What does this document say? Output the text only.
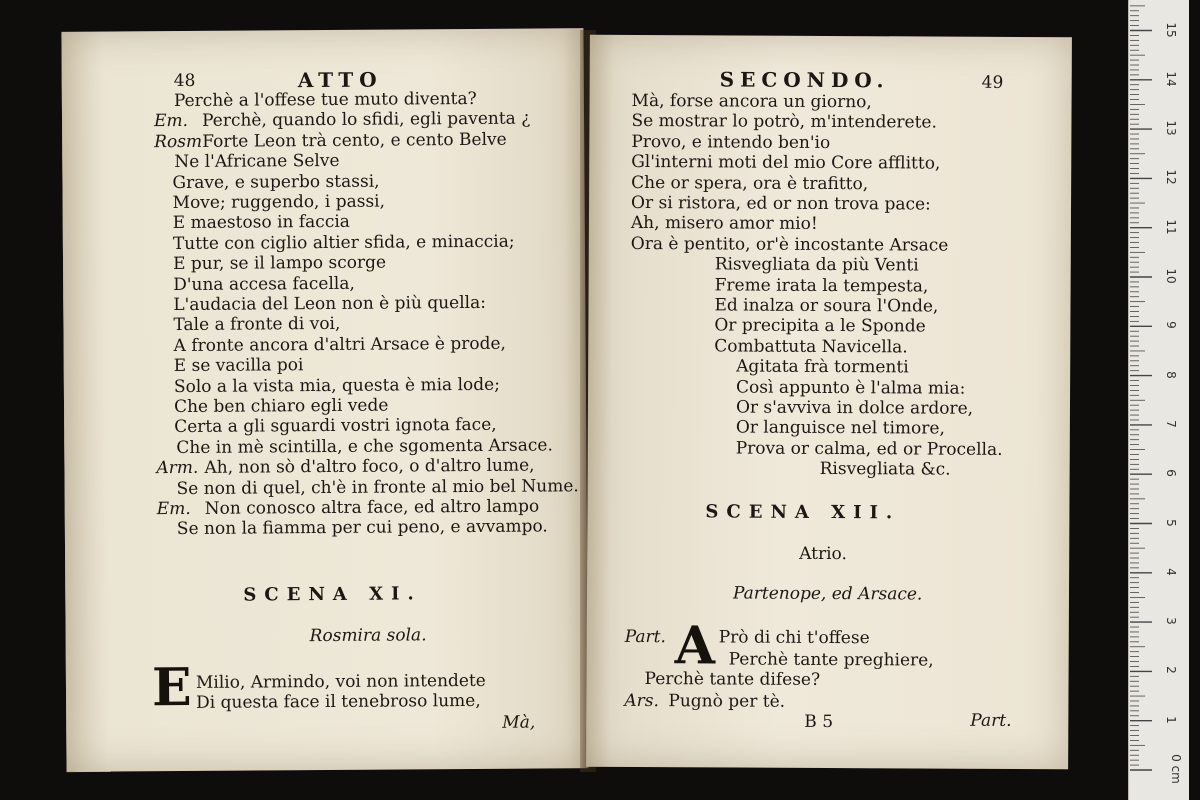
48	ATTO
Perchè a l'offese tue muto diventa?
Em. Perchè, quando lo sfidi, egli paventa ¿
Rosm Forte Leon trà cento, e cento Belve
Ne l'Africane Selve
Grave, e superbo stassi,
Move; ruggendo, i passi,
E maestoso in faccia
Tutte con ciglio altier sfida, e minaccia;
E pur, se il lampo scorge
D'una accesa facella,
L'audacia del Leon non è più quella:
Tale a fronte di voi,
A fronte ancora d'altri Arsace è prode,
E se vacilla poi
Solo a la vista mia, questa è mia lode;
Che ben chiaro egli vede
Certa a gli sguardi vostri ignota face,
Che in mè scintilla, e che sgomenta Arsace.
Arm. Ah, non sò d'altro foco, o d'altro lume,
Se non di quel, ch'è in fronte al mio bel Nume.
Em. Non conosco altra face, ed altro lampo
Se non la fiamma per cui peno, e avvampo.
SCENA XI.
Rosmira sola.
E Milio, Armindo, voi non intendete
Di questa face il tenebroso lume,
Mà,
SECONDO.	49
Mà, forse ancora un giorno,
Se mostrar lo potrò, m'intenderete.
Provo, e intendo ben'io
Gl'interni moti del mio Core afflitto,
Che or spera, ora è trafitto,
Or si ristora, ed or non trova pace:
Ah, misero amor mio!
Ora è pentito, or'è incostante Arsace
Risvegliata da più Venti
Freme irata la tempesta,
Ed inalza or soura l'Onde,
Or precipita a le Sponde
Combattuta Navicella.
Agitata frà tormenti
Così appunto è l'alma mia:
Or s'avviva in dolce ardore,
Or languisce nel timore,
Prova or calma, ed or Procella.
Risvegliata &c.
SCENA XII.
Atrio.
Partenope, ed Arsace.
Part. A Prò di chi t'offese
Perchè tante preghiere,
Perchè tante difese?
Ars. Pugnò per tè.
B 5	Part.
0 cm
1
2
3
4
5
6
7
8
9
10
11
12
13
14
15
